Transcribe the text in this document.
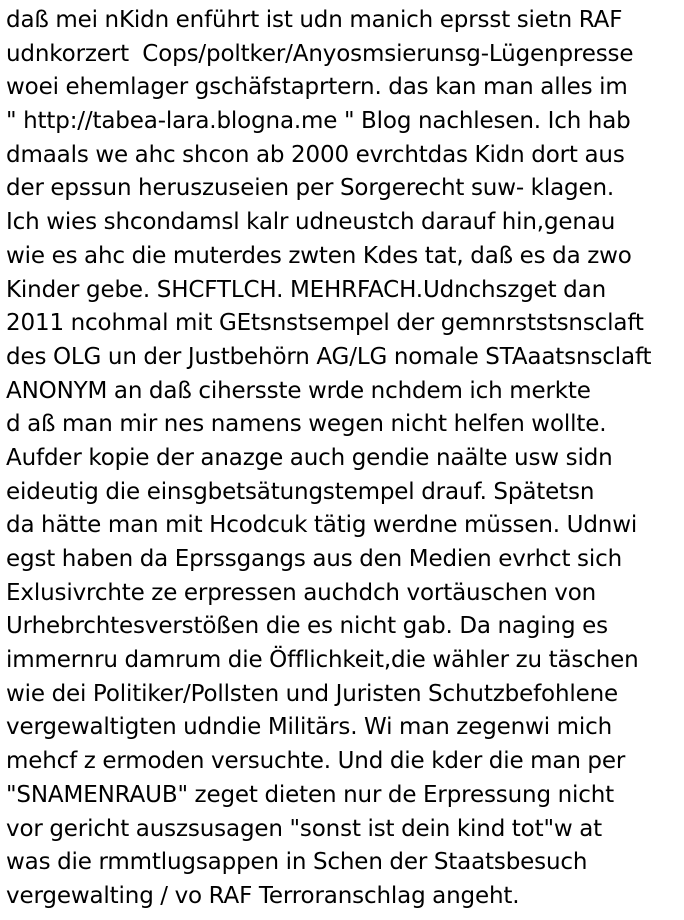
daß mei nKidn enführt ist udn manich eprsst sietn RAF
udnkorzert  Cops/poltker/Anyosmsierunsg-Lügenpresse
woei ehemlager gschäfstaprtern. das kan man alles im
" http://tabea-lara.blogna.me " Blog nachlesen. Ich hab
dmaals we ahc shcon ab 2000 evrchtdas Kidn dort aus
der epssun heruszuseien per Sorgerecht suw- klagen.
Ich wies shcondamsl kalr udneustch darauf hin,genau
wie es ahc die muterdes zwten Kdes tat, daß es da zwo
Kinder gebe. SHCFTLCH. MEHRFACH.Udnchszget dan
2011 ncohmal mit GEtsnstsempel der gemnrststsnsclaft
des OLG un der Justbehörn AG/LG nomale STAaatsnsclaft
ANONYM an daß cihersste wrde nchdem ich merkte
d aß man mir nes namens wegen nicht helfen wollte.
Aufder kopie der anazge auch gendie naälte usw sidn
eideutig die einsgbetsätungstempel drauf. Spätetsn
da hätte man mit Hcodcuk tätig werdne müssen. Udnwi
egst haben da Eprssgangs aus den Medien evrhct sich
Exlusivrchte ze erpressen auchdch vortäuschen von
Urhebrchtesverstößen die es nicht gab. Da naging es
immernru damrum die Öfflichkeit,die wähler zu täschen
wie dei Politiker/Pollsten und Juristen Schutzbefohlene
vergewaltigten udndie Militärs. Wi man zegenwi mich
mehcf z ermoden versuchte. Und die kder die man per
"SNAMENRAUB" zeget dieten nur de Erpressung nicht
vor gericht auszsusagen "sonst ist dein kind tot"w at
was die rmmtlugsappen in Schen der Staatsbesuch
vergewalting / vo RAF Terroranschlag angeht.
